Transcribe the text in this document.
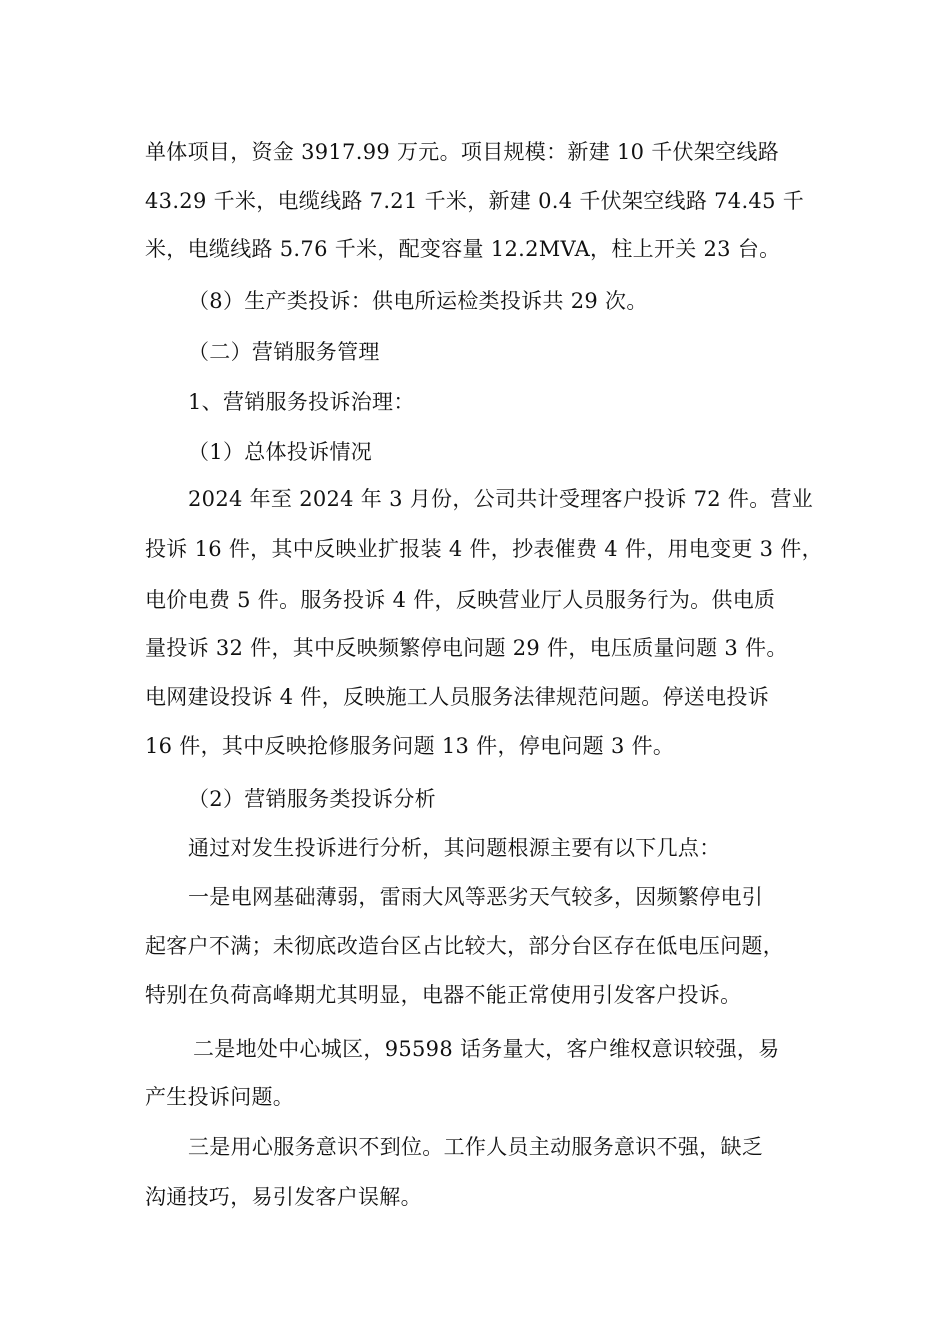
单体项目，资金 3917.99 万元。项目规模：新建 10 千伏架空线路
43.29 千米，电缆线路 7.21 千米，新建 0.4 千伏架空线路 74.45 千
米，电缆线路 5.76 千米，配变容量 12.2MVA，柱上开关 23 台。
（8）生产类投诉：供电所运检类投诉共 29 次。
（二）营销服务管理
1、营销服务投诉治理：
（1）总体投诉情况
2024 年至 2024 年 3 月份，公司共计受理客户投诉 72 件。营业
投诉 16 件，其中反映业扩报装 4 件，抄表催费 4 件，用电变更 3 件，
电价电费 5 件。服务投诉 4 件，反映营业厅人员服务行为。供电质
量投诉 32 件，其中反映频繁停电问题 29 件，电压质量问题 3 件。
电网建设投诉 4 件，反映施工人员服务法律规范问题。停送电投诉
16 件，其中反映抢修服务问题 13 件，停电问题 3 件。
（2）营销服务类投诉分析
通过对发生投诉进行分析，其问题根源主要有以下几点：
一是电网基础薄弱，雷雨大风等恶劣天气较多，因频繁停电引
起客户不满；未彻底改造台区占比较大，部分台区存在低电压问题，
特别在负荷高峰期尤其明显，电器不能正常使用引发客户投诉。
二是地处中心城区，95598 话务量大，客户维权意识较强，易
产生投诉问题。
三是用心服务意识不到位。工作人员主动服务意识不强，缺乏
沟通技巧，易引发客户误解。
